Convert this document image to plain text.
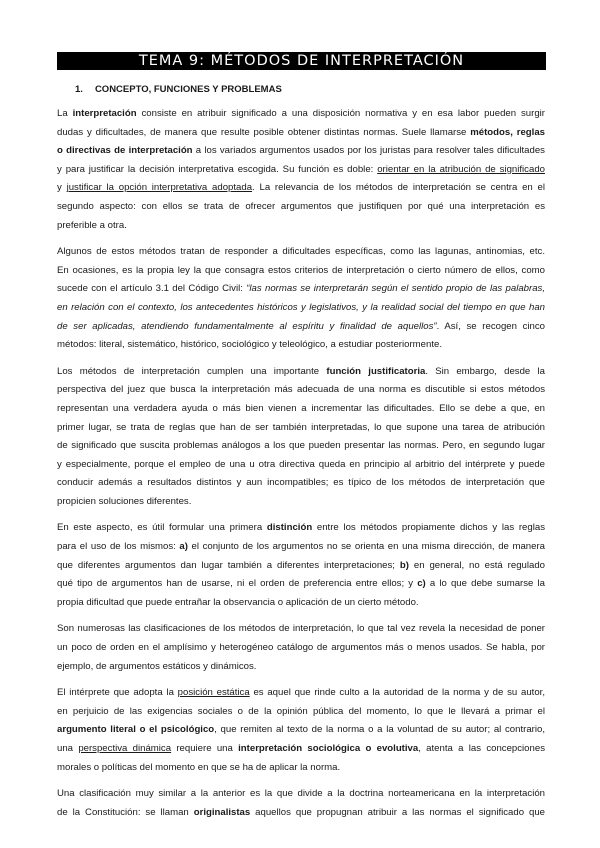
TEMA 9: MÉTODOS DE INTERPRETACIÓN
1. CONCEPTO, FUNCIONES Y PROBLEMAS
La interpretación consiste en atribuir significado a una disposición normativa y en esa labor pueden surgir
dudas y dificultades, de manera que resulte posible obtener distintas normas. Suele llamarse métodos, reglas
o directivas de interpretación a los variados argumentos usados por los juristas para resolver tales dificultades
y para justificar la decisión interpretativa escogida. Su función es doble: orientar en la atribución de significado
y justificar la opción interpretativa adoptada. La relevancia de los métodos de interpretación se centra en el
segundo aspecto: con ellos se trata de ofrecer argumentos que justifiquen por qué una interpretación es
preferible a otra.
Algunos de estos métodos tratan de responder a dificultades específicas, como las lagunas, antinomias, etc.
En ocasiones, es la propia ley la que consagra estos criterios de interpretación o cierto número de ellos, como
sucede con el artículo 3.1 del Código Civil: “las normas se interpretarán según el sentido propio de las palabras,
en relación con el contexto, los antecedentes históricos y legislativos, y la realidad social del tiempo en que han
de ser aplicadas, atendiendo fundamentalmente al espíritu y finalidad de aquellos”. Así, se recogen cinco
métodos: literal, sistemático, histórico, sociológico y teleológico, a estudiar posteriormente.
Los métodos de interpretación cumplen una importante función justificatoria. Sin embargo, desde la
perspectiva del juez que busca la interpretación más adecuada de una norma es discutible si estos métodos
representan una verdadera ayuda o más bien vienen a incrementar las dificultades. Ello se debe a que, en
primer lugar, se trata de reglas que han de ser también interpretadas, lo que supone una tarea de atribución
de significado que suscita problemas análogos a los que pueden presentar las normas. Pero, en segundo lugar
y especialmente, porque el empleo de una u otra directiva queda en principio al arbitrio del intérprete y puede
conducir además a resultados distintos y aun incompatibles; es típico de los métodos de interpretación que
propicien soluciones diferentes.
En este aspecto, es útil formular una primera distinción entre los métodos propiamente dichos y las reglas
para el uso de los mismos: a) el conjunto de los argumentos no se orienta en una misma dirección, de manera
que diferentes argumentos dan lugar también a diferentes interpretaciones; b) en general, no está regulado
qué tipo de argumentos han de usarse, ni el orden de preferencia entre ellos; y c) a lo que debe sumarse la
propia dificultad que puede entrañar la observancia o aplicación de un cierto método.
Son numerosas las clasificaciones de los métodos de interpretación, lo que tal vez revela la necesidad de poner
un poco de orden en el amplísimo y heterogéneo catálogo de argumentos más o menos usados. Se habla, por
ejemplo, de argumentos estáticos y dinámicos.
El intérprete que adopta la posición estática es aquel que rinde culto a la autoridad de la norma y de su autor,
en perjuicio de las exigencias sociales o de la opinión pública del momento, lo que le llevará a primar el
argumento literal o el psicológico, que remiten al texto de la norma o a la voluntad de su autor; al contrario,
una perspectiva dinámica requiere una interpretación sociológica o evolutiva, atenta a las concepciones
morales o políticas del momento en que se ha de aplicar la norma.
Una clasificación muy similar a la anterior es la que divide a la doctrina norteamericana en la interpretación
de la Constitución: se llaman originalistas aquellos que propugnan atribuir a las normas el significado que
